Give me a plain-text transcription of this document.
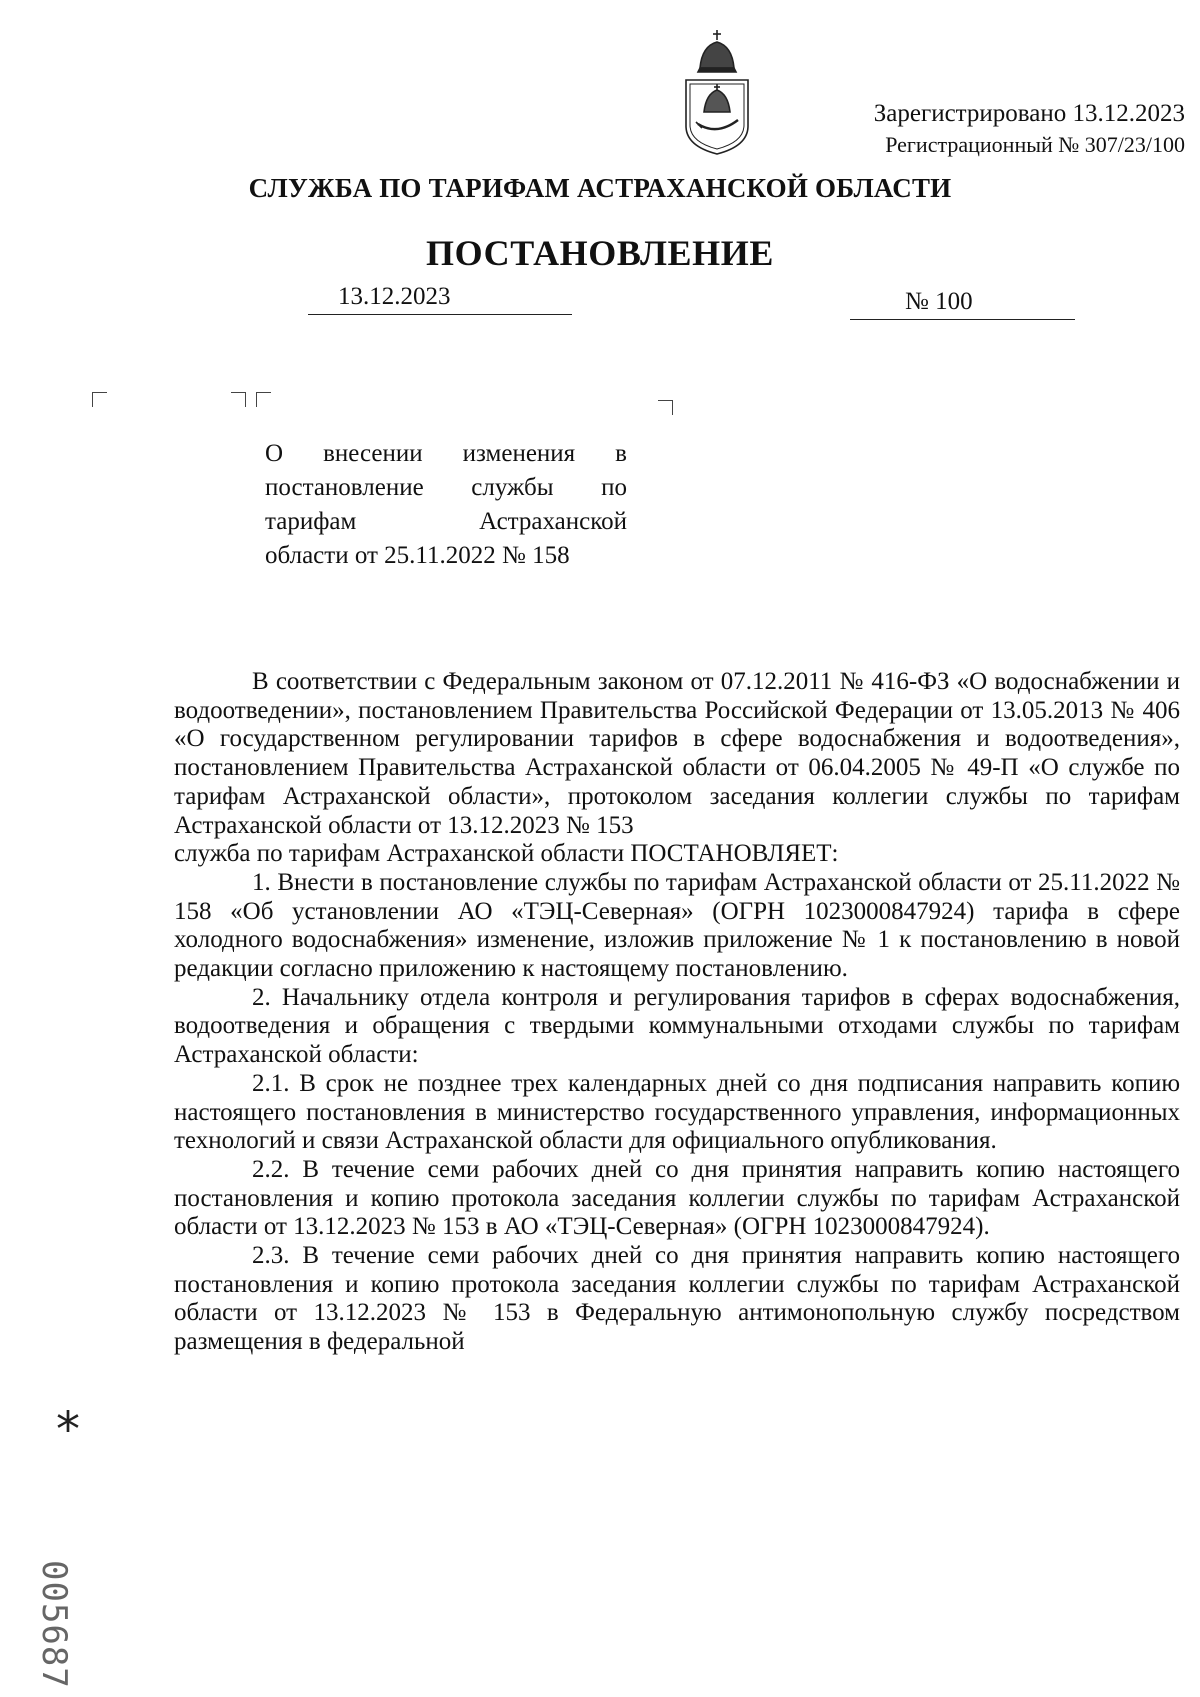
Зарегистрировано 13.12.2023
Регистрационный № 307/23/100
СЛУЖБА ПО ТАРИФАМ АСТРАХАНСКОЙ ОБЛАСТИ
ПОСТАНОВЛЕНИЕ
13.12.2023	№ 100
О внесении изменения в
постановление службы по
тарифам Астраханской
области от 25.11.2022 № 158

В соответствии с Федеральным законом от 07.12.2011 № 416-ФЗ «О водоснабжении и водоотведении», постановлением Правительства Российской Федерации от 13.05.2013 № 406 «О государственном регулировании тарифов в сфере водоснабжения и водоотведения», постановлением Правительства Астраханской области от 06.04.2005 № 49-П «О службе по тарифам Астраханской области», протоколом заседания коллегии службы по тарифам Астраханской области от 13.12.2023 № 153

служба по тарифам Астраханской области ПОСТАНОВЛЯЕТ:

1. Внести в постановление службы по тарифам Астраханской области от 25.11.2022 № 158 «Об установлении АО «ТЭЦ-Северная» (ОГРН 1023000847924) тарифа в сфере холодного водоснабжения» изменение, изложив приложение № 1 к постановлению в новой редакции согласно приложению к настоящему постановлению.

2. Начальнику отдела контроля и регулирования тарифов в сферах водоснабжения, водоотведения и обращения с твердыми коммунальными отходами службы по тарифам Астраханской области:

2.1. В срок не позднее трех календарных дней со дня подписания направить копию настоящего постановления в министерство государственного управления, информационных технологий и связи Астраханской области для официального опубликования.

2.2. В течение семи рабочих дней со дня принятия направить копию настоящего постановления и копию протокола заседания коллегии службы по тарифам Астраханской области от 13.12.2023 № 153 в АО «ТЭЦ-Северная» (ОГРН 1023000847924).

2.3. В течение семи рабочих дней со дня принятия направить копию настоящего постановления и копию протокола заседания коллегии службы по тарифам Астраханской области от 13.12.2023 № 153 в Федеральную антимонопольную службу посредством размещения в федеральной

*
005687
